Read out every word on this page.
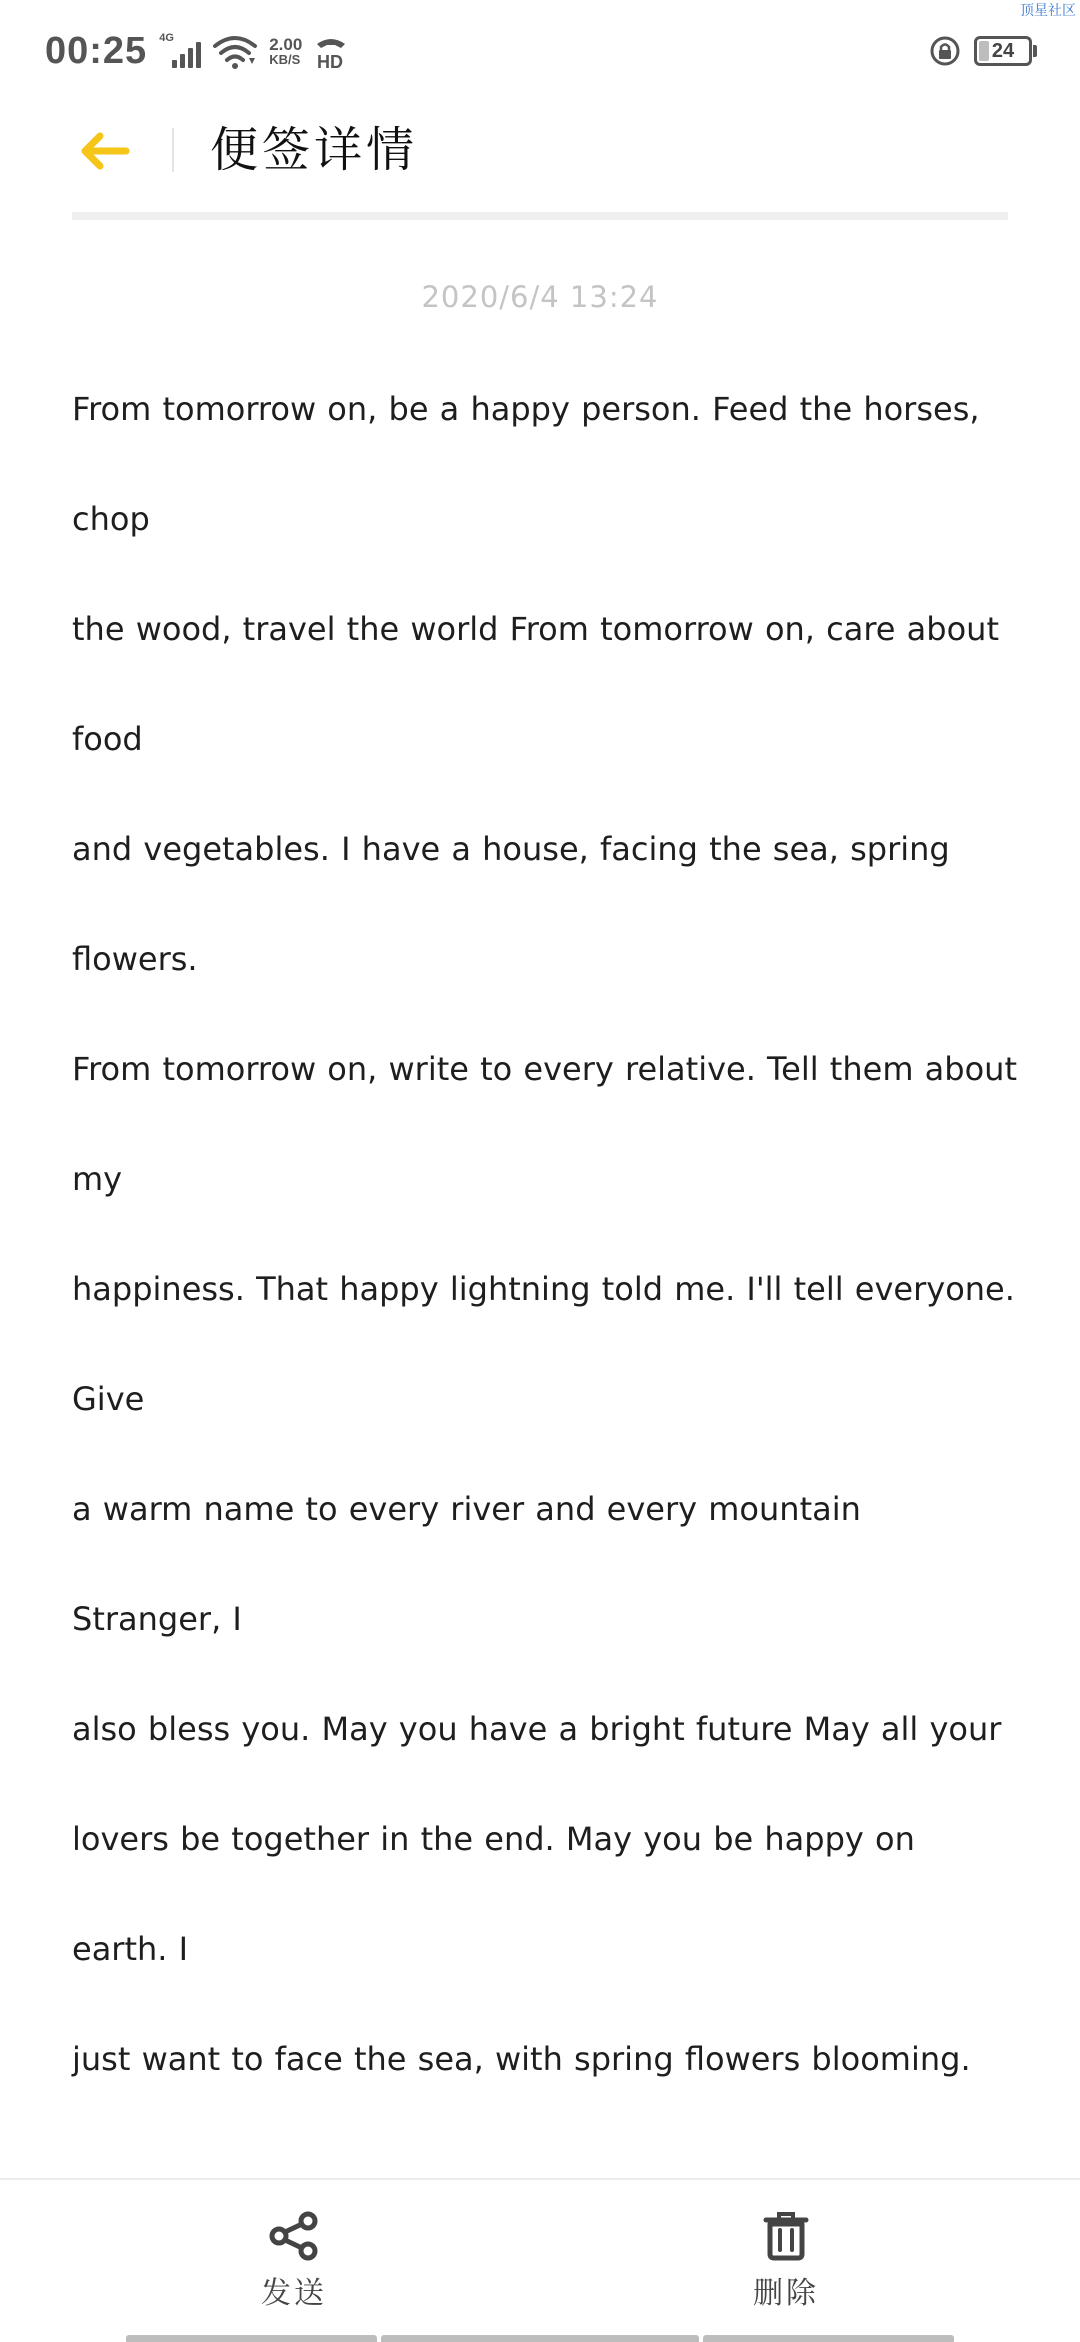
顶星社区
00:25 4G	2.00
KB/S HD	24
便签详情
2020/6/4 13:24
From tomorrow on, be a happy person. Feed the horses, chop
the wood, travel the world From tomorrow on, care about food
and vegetables. I have a house, facing the sea, spring flowers.
From tomorrow on, write to every relative. Tell them about my
happiness. That happy lightning told me. I'll tell everyone. Give
a warm name to every river and every mountain Stranger, I
also bless you. May you have a bright future May all your
lovers be together in the end. May you be happy on earth. I
just want to face the sea, with spring flowers blooming.
发送	删除
